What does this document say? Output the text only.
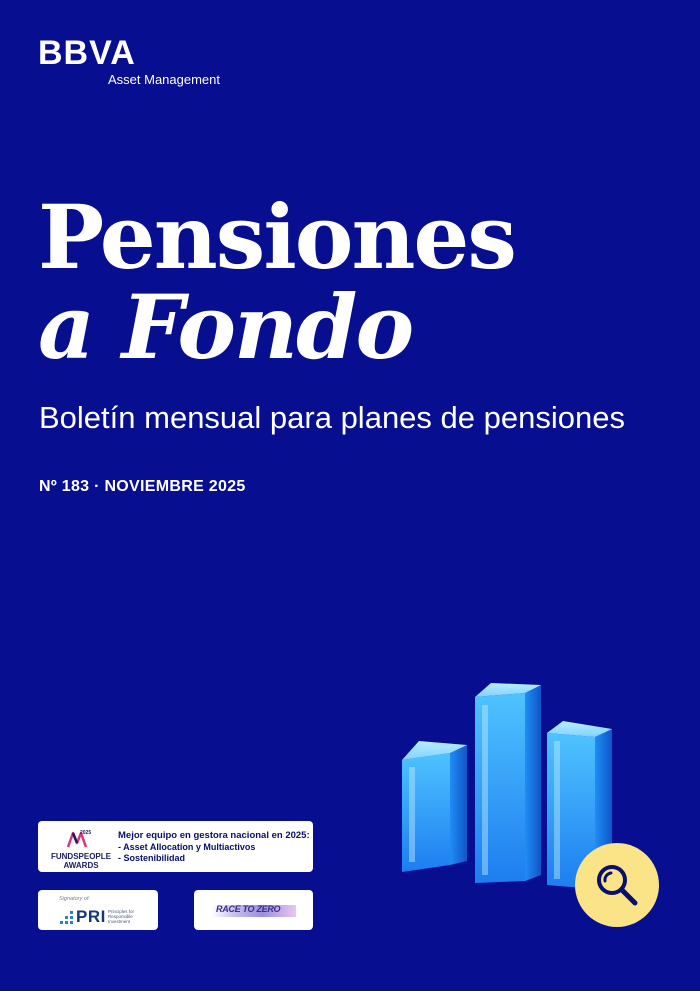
BBVA
Asset Management
Pensiones
a Fondo

Boletín mensual para planes de pensiones

Nº 183 · NOVIEMBRE 2025
2025
FUNDSPEOPLE
AWARDS
Mejor equipo en gestora nacional en 2025:
- Asset Allocation y Multiactivos
- Sostenibilidad
Signatory of:
PRI Principles for Responsible Investment
RACE TO ZERO
